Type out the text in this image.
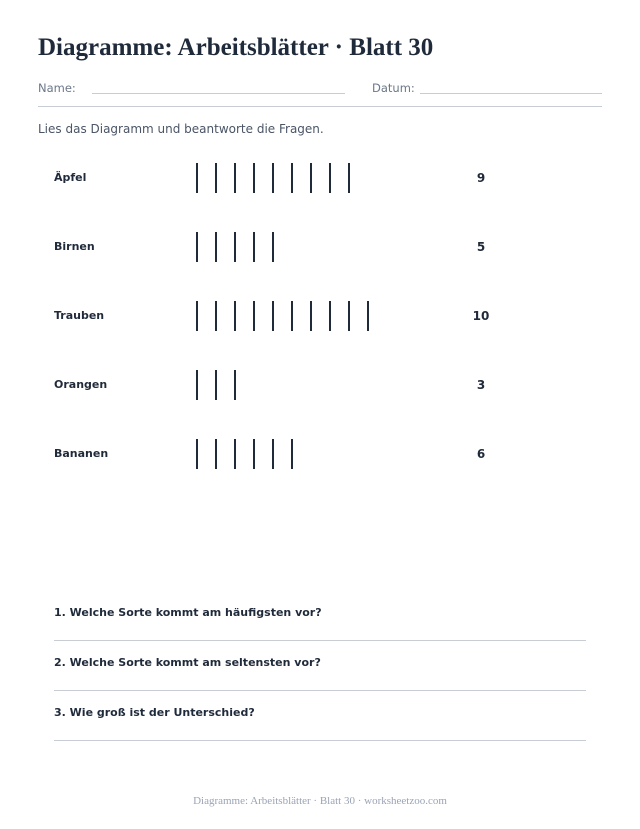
Diagramme: Arbeitsblätter · Blatt 30
Name:	Datum:
Lies das Diagramm und beantworte die Fragen.
Äpfel	9
Birnen	5
Trauben	10
Orangen	3
Bananen	6
1. Welche Sorte kommt am häufigsten vor?
2. Welche Sorte kommt am seltensten vor?
3. Wie groß ist der Unterschied?
Diagramme: Arbeitsblätter · Blatt 30 · worksheetzoo.com
